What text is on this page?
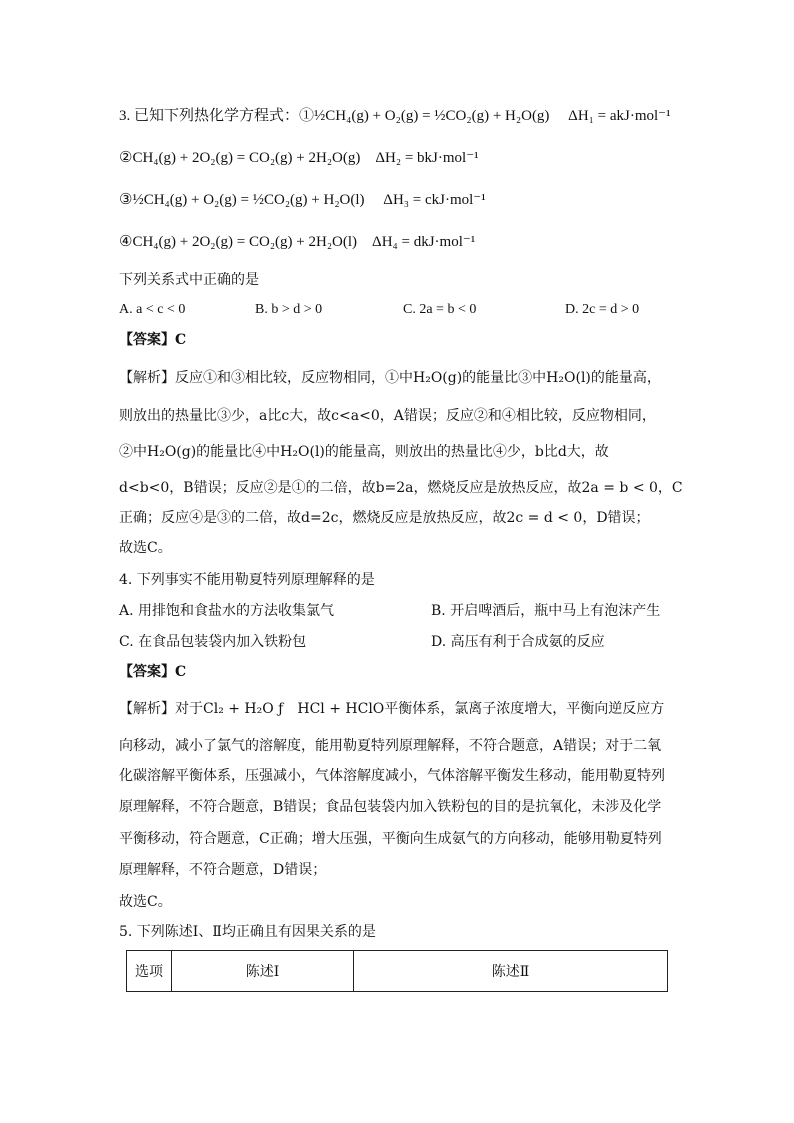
3. 已知下列热化学方程式：①½CH₄(g) + O₂(g) = ½CO₂(g) + H₂O(g)　 ΔH₁ = akJ·mol⁻¹
②CH₄(g) + 2O₂(g) = CO₂(g) + 2H₂O(g)　ΔH₂ = bkJ·mol⁻¹
③½CH₄(g) + O₂(g) = ½CO₂(g) + H₂O(l)　 ΔH₃ = ckJ·mol⁻¹
④CH₄(g) + 2O₂(g) = CO₂(g) + 2H₂O(l)　ΔH₄ = dkJ·mol⁻¹
下列关系式中正确的是
A. a < c < 0	B. b > d > 0	C. 2a = b < 0	D. 2c = d > 0
【答案】C
【解析】反应①和③相比较，反应物相同，①中H₂O(g)的能量比③中H₂O(l)的能量高，
则放出的热量比③少，a比c大，故c<a<0，A错误；反应②和④相比较，反应物相同，
②中H₂O(g)的能量比④中H₂O(l)的能量高，则放出的热量比④少，b比d大，故
d<b<0，B错误；反应②是①的二倍，故b=2a，燃烧反应是放热反应，故2a = b < 0，C
正确；反应④是③的二倍，故d=2c，燃烧反应是放热反应，故2c = d < 0，D错误；
故选C。
4. 下列事实不能用勒夏特列原理解释的是
A. 用排饱和食盐水的方法收集氯气	B. 开启啤酒后，瓶中马上有泡沫产生
C. 在食品包装袋内加入铁粉包	D. 高压有利于合成氨的反应
【答案】C
【解析】对于Cl₂ + H₂O ƒ　HCl + HClO平衡体系，氯离子浓度增大，平衡向逆反应方
向移动，减小了氯气的溶解度，能用勒夏特列原理解释，不符合题意，A错误；对于二氧
化碳溶解平衡体系，压强减小，气体溶解度减小，气体溶解平衡发生移动，能用勒夏特列
原理解释，不符合题意，B错误；食品包装袋内加入铁粉包的目的是抗氧化，未涉及化学
平衡移动，符合题意，C正确；增大压强，平衡向生成氨气的方向移动，能够用勒夏特列
原理解释，不符合题意，D错误；
故选C。
5. 下列陈述Ⅰ、Ⅱ均正确且有因果关系的是
选项	陈述Ⅰ	陈述Ⅱ
